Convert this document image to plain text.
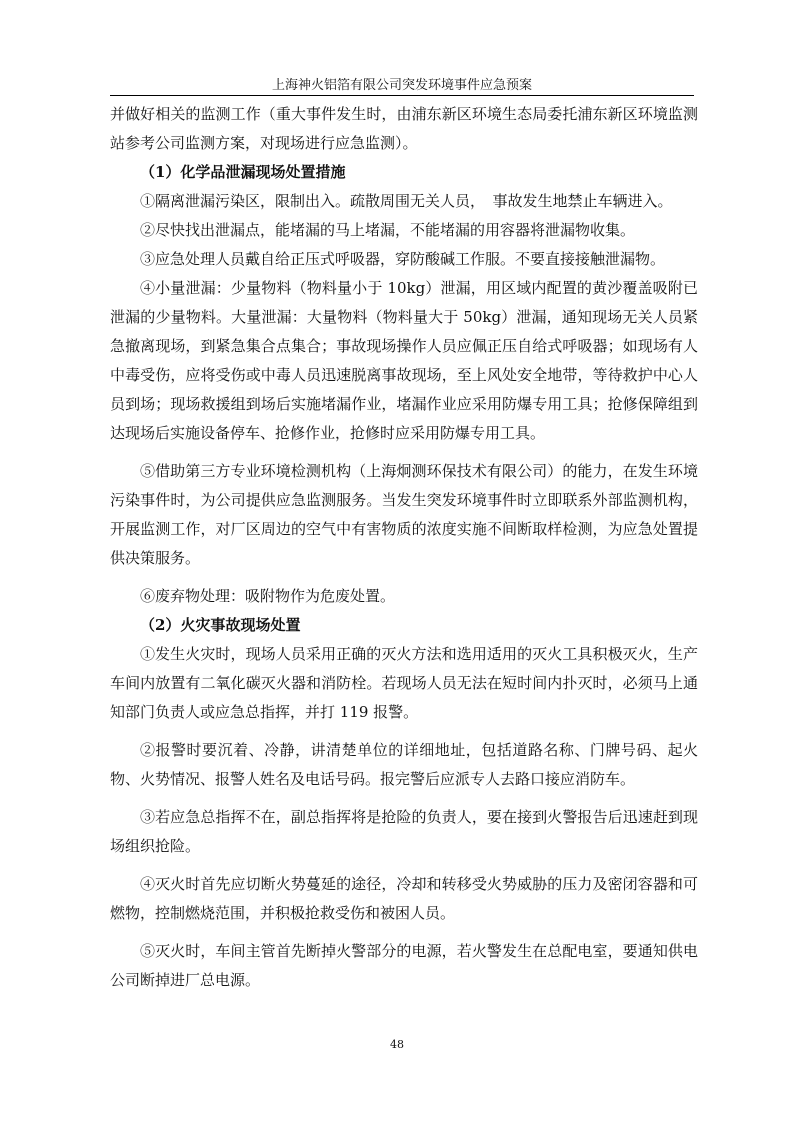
上海神火铝箔有限公司突发环境事件应急预案

并做好相关的监测工作（重大事件发生时，由浦东新区环境生态局委托浦东新区环境监测站参考公司监测方案，对现场进行应急监测）。

（1）化学品泄漏现场处置措施

①隔离泄漏污染区，限制出入。疏散周围无关人员，　事故发生地禁止车辆进入。

②尽快找出泄漏点，能堵漏的马上堵漏，不能堵漏的用容器将泄漏物收集。

③应急处理人员戴自给正压式呼吸器，穿防酸碱工作服。不要直接接触泄漏物。

④小量泄漏：少量物料（物料量小于 10kg）泄漏，用区域内配置的黄沙覆盖吸附已泄漏的少量物料。大量泄漏：大量物料（物料量大于 50kg）泄漏，通知现场无关人员紧急撤离现场，到紧急集合点集合；事故现场操作人员应佩正压自给式呼吸器；如现场有人中毒受伤，应将受伤或中毒人员迅速脱离事故现场，至上风处安全地带，等待救护中心人员到场；现场救援组到场后实施堵漏作业，堵漏作业应采用防爆专用工具；抢修保障组到达现场后实施设备停车、抢修作业，抢修时应采用防爆专用工具。

⑤借助第三方专业环境检测机构（上海炯测环保技术有限公司）的能力，在发生环境污染事件时，为公司提供应急监测服务。当发生突发环境事件时立即联系外部监测机构，开展监测工作，对厂区周边的空气中有害物质的浓度实施不间断取样检测，为应急处置提供决策服务。

⑥废弃物处理：吸附物作为危废处置。

（2）火灾事故现场处置

①发生火灾时，现场人员采用正确的灭火方法和选用适用的灭火工具积极灭火，生产车间内放置有二氧化碳灭火器和消防栓。若现场人员无法在短时间内扑灭时，必须马上通知部门负责人或应急总指挥，并打 119 报警。

②报警时要沉着、冷静，讲清楚单位的详细地址，包括道路名称、门牌号码、起火物、火势情况、报警人姓名及电话号码。报完警后应派专人去路口接应消防车。

③若应急总指挥不在，副总指挥将是抢险的负责人，要在接到火警报告后迅速赶到现场组织抢险。

④灭火时首先应切断火势蔓延的途径，冷却和转移受火势威胁的压力及密闭容器和可燃物，控制燃烧范围，并积极抢救受伤和被困人员。

⑤灭火时，车间主管首先断掉火警部分的电源，若火警发生在总配电室，要通知供电公司断掉进厂总电源。

48
